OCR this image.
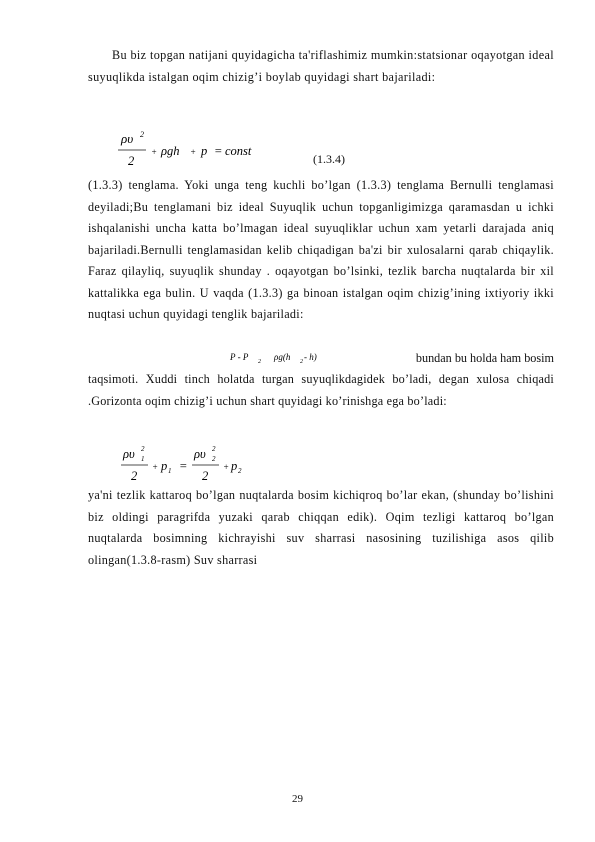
Bu biz topgan natijani quyidagicha ta'riflashimiz mumkin:statsionar oqayotgan ideal suyuqlikda istalgan oqim chizig’i boylab quyidagi shart bajariladi:

ρυ 2
2
+ ρgh + p = const
(1.3.4)

(1.3.3) tenglama. Yoki unga teng kuchli bo’lgan (1.3.3) tenglama Bernulli tenglamasi deyiladi;Bu tenglamani biz ideal Suyuqlik uchun topganligimizga qaramasdan u ichki ishqalanishi uncha katta bo’lmagan ideal suyuqliklar uchun xam yetarli darajada aniq bajariladi.Bernulli tenglamasidan kelib chiqadigan ba'zi bir xulosalarni qarab chiqaylik. Faraz qilayliq, suyuqlik shunday . oqayotgan bo’lsinki, tezlik barcha nuqtalarda bir xil kattalikka ega bulin. U vaqda (1.3.3) ga binoan istalgan oqim chizig’ining ixtiyoriy ikki nuqtasi uchun quyidagi tenglik bajariladi:

P - P 2 ρg(h 2 - h)	bundan bu holda ham bosim

taqsimoti. Xuddi tinch holatda turgan suyuqlikdagidek bo’ladi, degan xulosa chiqadi .Gorizonta oqim chizig’i uchun shart quyidagi ko’rinishga ega bo’ladi:

ρυ 1
2
2
+ p 1 =
ρυ 2
2
2
+ p 2

ya'ni tezlik kattaroq bo’lgan nuqtalarda bosim kichiqroq bo’lar ekan, (shunday bo’lishini biz oldingi paragrifda yuzaki qarab chiqqan edik). Oqim tezligi kattaroq bo’lgan nuqtalarda bosimning kichrayishi suv sharrasi nasosining tuzilishiga asos qilib olingan(1.3.8-rasm) Suv sharrasi

29
